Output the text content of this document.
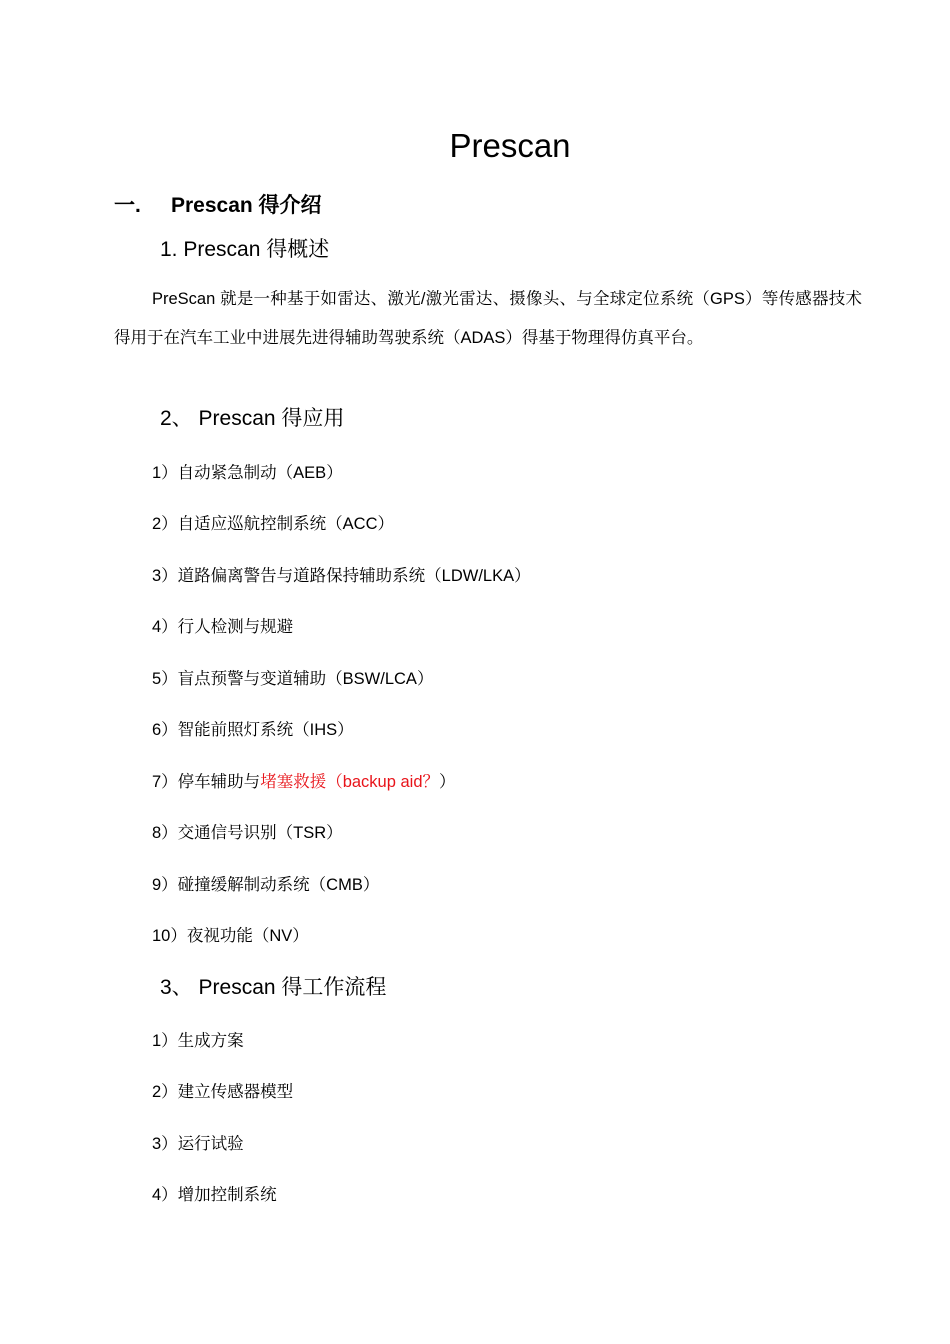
Prescan
一. Prescan 得介绍
1. Prescan 得概述

PreScan 就是一种基于如雷达、激光/激光雷达、摄像头、与全球定位系统（GPS）等传感器技术得用于在汽车工业中进展先进得辅助驾驶系统（ADAS）得基于物理得仿真平台。

2、 Prescan 得应用

1）自动紧急制动（AEB）

2）自适应巡航控制系统（ACC）

3）道路偏离警告与道路保持辅助系统（LDW/LKA）

4）行人检测与规避

5）盲点预警与变道辅助（BSW/LCA）

6）智能前照灯系统（IHS）

7）停车辅助与堵塞救援（backup aid？）

8）交通信号识别（TSR）

9）碰撞缓解制动系统（CMB）

10）夜视功能（NV）

3、 Prescan 得工作流程

1）生成方案

2）建立传感器模型

3）运行试验

4）增加控制系统
